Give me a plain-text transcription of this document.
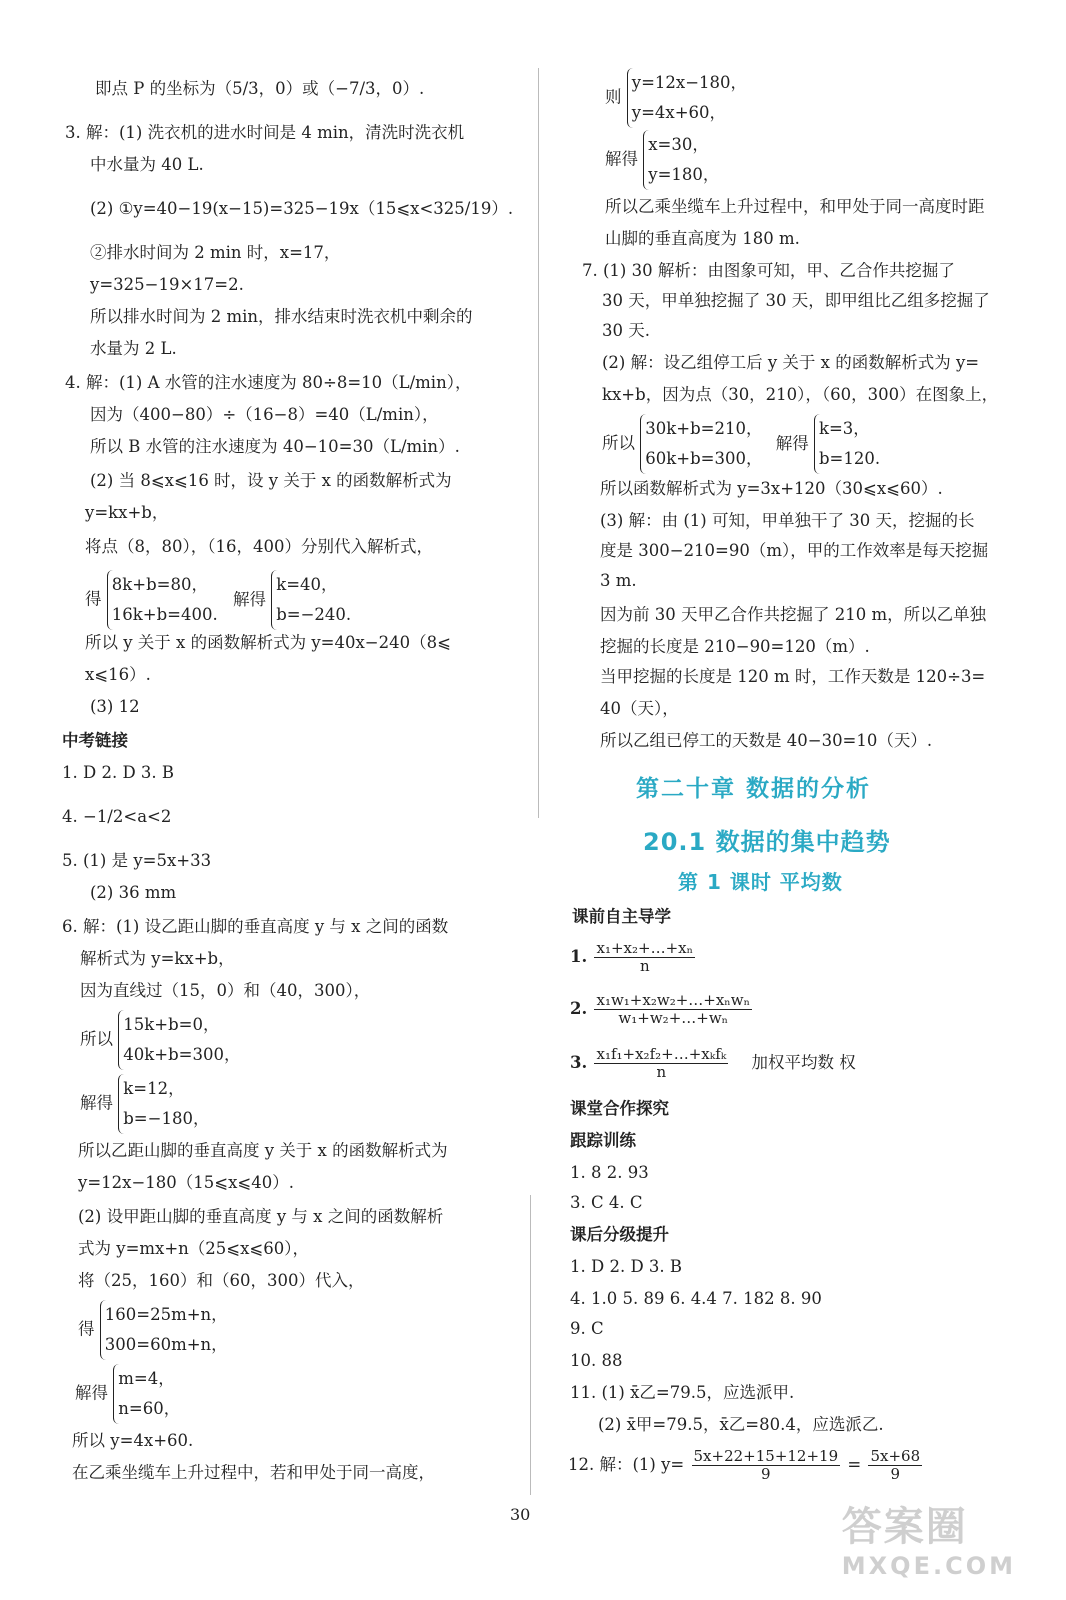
即点 P 的坐标为（5/3，0）或（−7/3，0）.
3. 解：(1) 洗衣机的进水时间是 4 min，清洗时洗衣机
中水量为 40 L.
(2) ①y=40−19(x−15)=325−19x（15⩽x<325/19）.
②排水时间为 2 min 时，x=17，
y=325−19×17=2.
所以排水时间为 2 min，排水结束时洗衣机中剩余的
水量为 2 L.
4. 解：(1) A 水管的注水速度为 80÷8=10（L/min），
因为（400−80）÷（16−8）=40（L/min），
所以 B 水管的注水速度为 40−10=30（L/min）.
(2) 当 8⩽x⩽16 时，设 y 关于 x 的函数解析式为
y=kx+b，
将点（8，80），（16，400）分别代入解析式，
得 8k+b=80，
16k+b=400. 解得 k=40，
b=−240.
所以 y 关于 x 的函数解析式为 y=40x−240（8⩽
x⩽16）.
(3) 12
中考链接
1. D 2. D 3. B
4. −1/2<a<2
5. (1) 是 y=5x+33
(2) 36 mm
6. 解：(1) 设乙距山脚的垂直高度 y 与 x 之间的函数
解析式为 y=kx+b，
因为直线过（15，0）和（40，300），
所以 15k+b=0，
40k+b=300，
解得 k=12，
b=−180，
所以乙距山脚的垂直高度 y 关于 x 的函数解析式为
y=12x−180（15⩽x⩽40）.
(2) 设甲距山脚的垂直高度 y 与 x 之间的函数解析
式为 y=mx+n（25⩽x⩽60），
将（25，160）和（60，300）代入，
得 160=25m+n，
300=60m+n，
解得 m=4，
n=60，
所以 y=4x+60.
在乙乘坐缆车上升过程中，若和甲处于同一高度，
则 y=12x−180，
y=4x+60，
解得 x=30，
y=180，
所以乙乘坐缆车上升过程中，和甲处于同一高度时距
山脚的垂直高度为 180 m.
7. (1) 30 解析：由图象可知，甲、乙合作共挖掘了
30 天，甲单独挖掘了 30 天，即甲组比乙组多挖掘了
30 天.
(2) 解：设乙组停工后 y 关于 x 的函数解析式为 y=
kx+b，因为点（30，210），（60，300）在图象上，
所以 30k+b=210，
60k+b=300， 解得 k=3，
b=120.
所以函数解析式为 y=3x+120（30⩽x⩽60）.
(3) 解：由 (1) 可知，甲单独干了 30 天，挖掘的长
度是 300−210=90（m），甲的工作效率是每天挖掘
3 m.
因为前 30 天甲乙合作共挖掘了 210 m，所以乙单独
挖掘的长度是 210−90=120（m）.
当甲挖掘的长度是 120 m 时，工作天数是 120÷3=
40（天），
所以乙组已停工的天数是 40−30=10（天）.
第二十章 数据的分析
20.1 数据的集中趋势
第 1 课时 平均数
课前自主导学
1. $\frac{\text{x₁+x₂+…+xₙ}}{n}$
2. $\frac{\text{x₁w₁+x₂w₂+…+xₙwₙ}}{\text{w₁+w₂+…+wₙ}}$
3. $\frac{\text{x₁f₁+x₂f₂+…+xₖfₖ}}{n}$ 加权平均数 权
课堂合作探究
跟踪训练
1. 8 2. 93
3. C 4. C
课后分级提升
1. D 2. D 3. B
4. 1.0 5. 89 6. 4.4 7. 182 8. 90
9. C
10. 88
11. (1) x̄乙=79.5，应选派甲.
(2) x̄甲=79.5，x̄乙=80.4，应选派乙.
12. 解：(1) $y= \frac{5x+22+15+12+19}{9} = \frac{5x+68}{9}$
30	答案圈
MXQE.COM
